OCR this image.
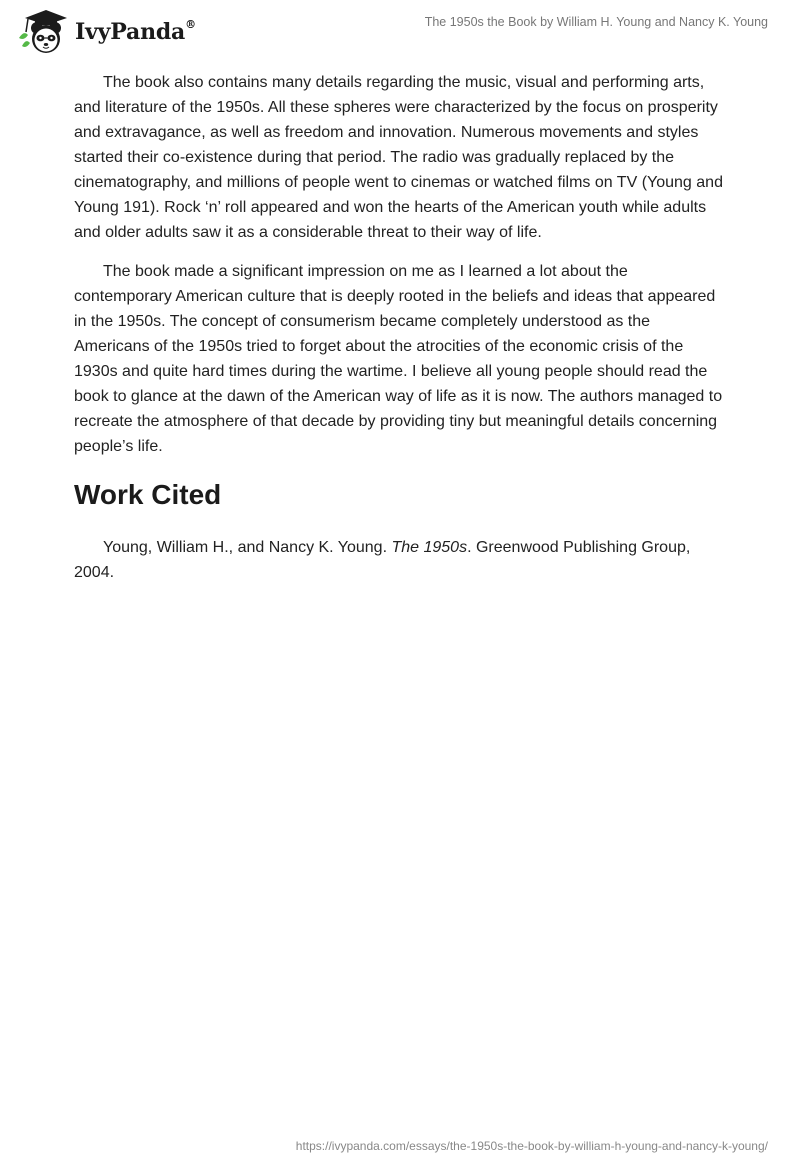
IvyPanda®	The 1950s the Book by William H. Young and Nancy K. Young

The book also contains many details regarding the music, visual and performing arts, and literature of the 1950s. All these spheres were characterized by the focus on prosperity and extravagance, as well as freedom and innovation. Numerous movements and styles started their co-existence during that period. The radio was gradually replaced by the cinematography, and millions of people went to cinemas or watched films on TV (Young and Young 191). Rock ‘n’ roll appeared and won the hearts of the American youth while adults and older adults saw it as a considerable threat to their way of life.

The book made a significant impression on me as I learned a lot about the contemporary American culture that is deeply rooted in the beliefs and ideas that appeared in the 1950s. The concept of consumerism became completely understood as the Americans of the 1950s tried to forget about the atrocities of the economic crisis of the 1930s and quite hard times during the wartime. I believe all young people should read the book to glance at the dawn of the American way of life as it is now. The authors managed to recreate the atmosphere of that decade by providing tiny but meaningful details concerning people’s life.

Work Cited

Young, William H., and Nancy K. Young. The 1950s. Greenwood Publishing Group, 2004.

https://ivypanda.com/essays/the-1950s-the-book-by-william-h-young-and-nancy-k-young/
